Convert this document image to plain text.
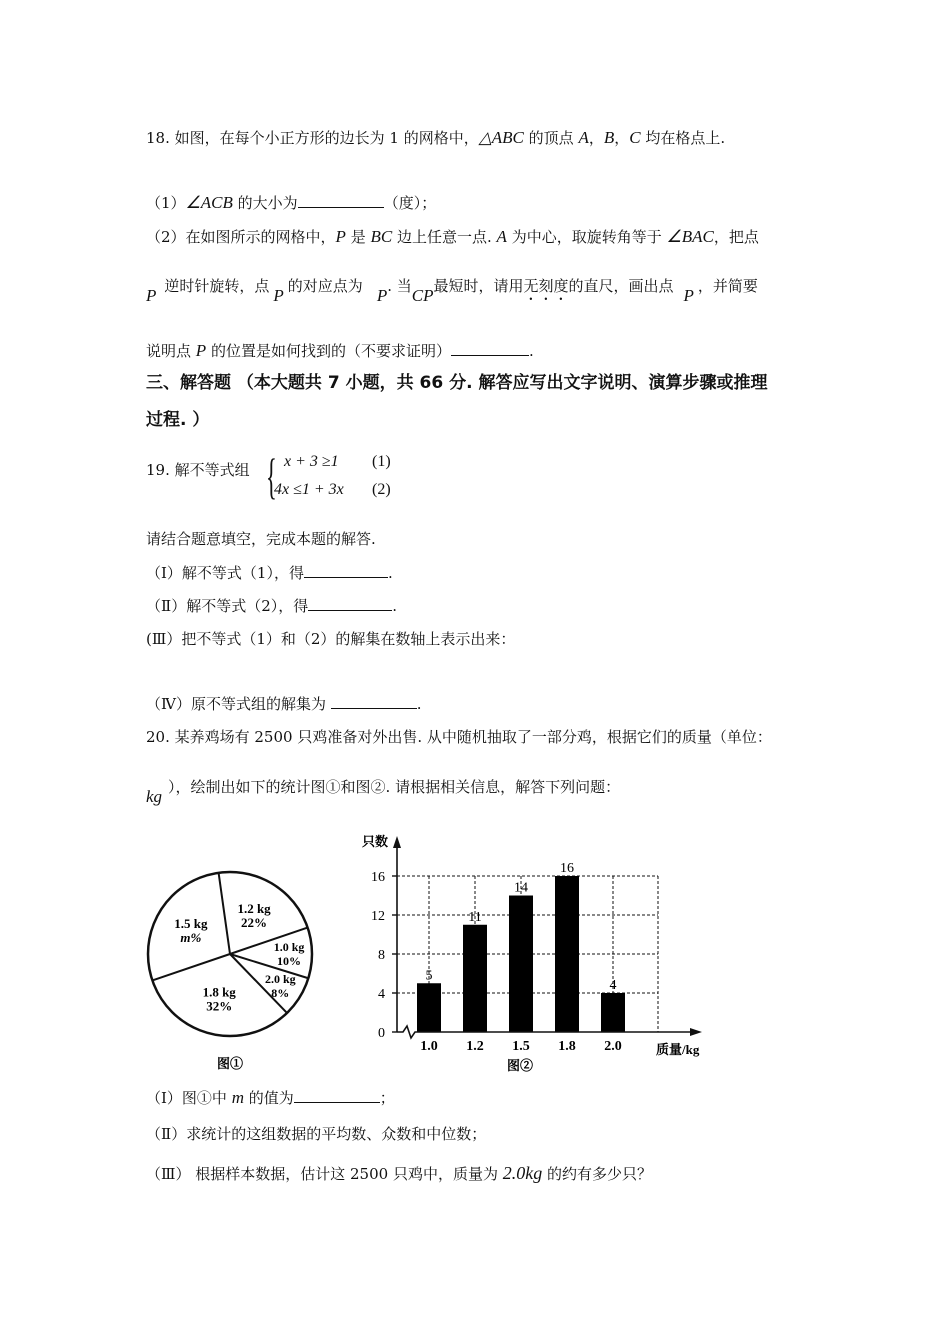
18. 如图，在每个小正方形的边长为 1 的网格中，△ABC 的顶点 A，B，C 均在格点上.
（1）∠ACB 的大小为	（度）；
（2）在如图所示的网格中，P 是 BC 边上任意一点. A 为中心，取旋转角等于 ∠BAC，把点
P 逆时针旋转，点 P 的对应点为 P. 当CP最短时，请用无刻度的直尺，画出点 P ，并简要
说明点 P 的位置是如何找到的（不要求证明）	.
三、解答题 （本大题共 7 小题，共 66 分. 解答应写出文字说明、演算步骤或推理
过程. ）
19. 解不等式组 { x + 3 ≥1 (1)
4x ≤1 + 3x (2)
请结合题意填空，完成本题的解答.
（Ⅰ）解不等式（1），得	.
（Ⅱ）解不等式（2），得	.
(Ⅲ）把不等式（1）和（2）的解集在数轴上表示出来：
（Ⅳ）原不等式组的解集为	.
20. 某养鸡场有 2500 只鸡准备对外出售. 从中随机抽取了一部分鸡，根据它们的质量（单位：
kg ），绘制出如下的统计图①和图②. 请根据相关信息，解答下列问题：
1.2 kg
22%
1.0 kg
10%
2.0 kg
8%
1.8 kg
32%
1.5 kg
m%
图①
5
1.0
11
1.2
14
1.5
16
1.8
4
2.0
0
4
8
12
16
只数
质量/kg
图②
（Ⅰ）图①中 m 的值为	；
（Ⅱ）求统计的这组数据的平均数、众数和中位数；
（Ⅲ） 根据样本数据，估计这 2500 只鸡中，质量为 2.0kg 的约有多少只？
